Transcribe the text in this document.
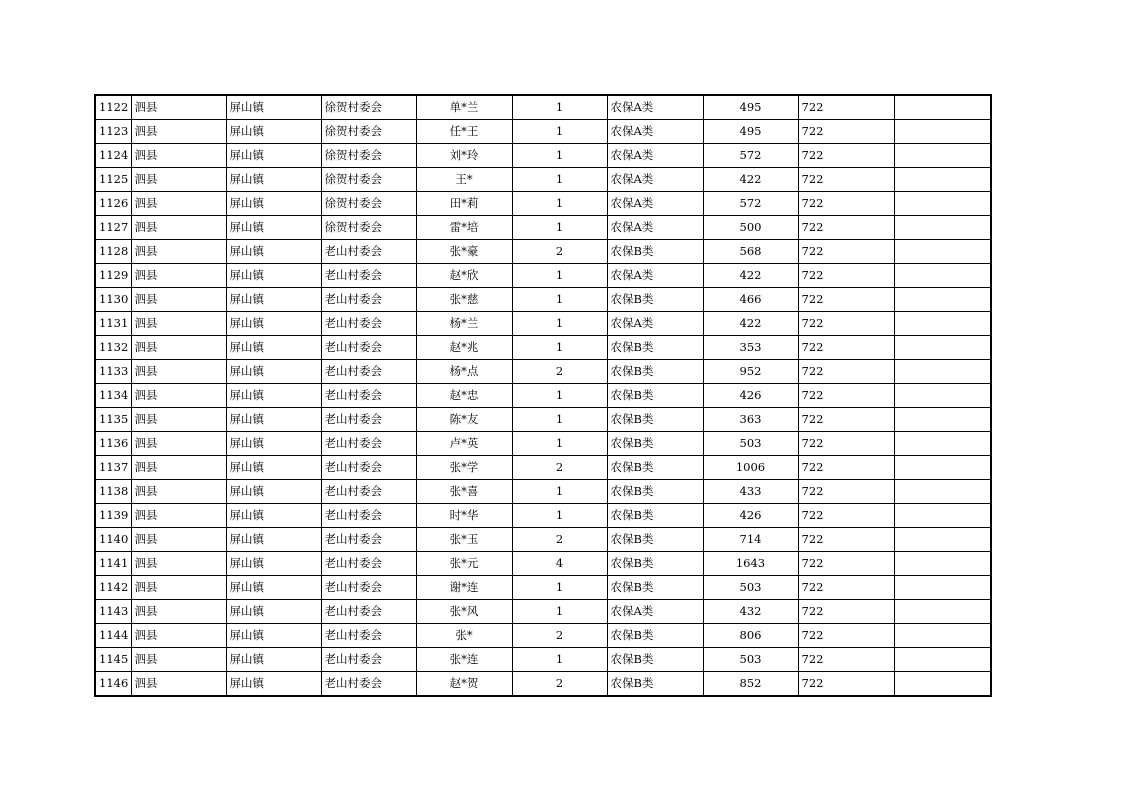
1122	泗县	屏山镇	徐贺村委会	单*兰	1	农保A类	495	722	
1123	泗县	屏山镇	徐贺村委会	任*王	1	农保A类	495	722	
1124	泗县	屏山镇	徐贺村委会	刘*玲	1	农保A类	572	722	
1125	泗县	屏山镇	徐贺村委会	王*	1	农保A类	422	722	
1126	泗县	屏山镇	徐贺村委会	田*莉	1	农保A类	572	722	
1127	泗县	屏山镇	徐贺村委会	雷*培	1	农保A类	500	722	
1128	泗县	屏山镇	老山村委会	张*豪	2	农保B类	568	722	
1129	泗县	屏山镇	老山村委会	赵*欣	1	农保A类	422	722	
1130	泗县	屏山镇	老山村委会	张*慈	1	农保B类	466	722	
1131	泗县	屏山镇	老山村委会	杨*兰	1	农保A类	422	722	
1132	泗县	屏山镇	老山村委会	赵*兆	1	农保B类	353	722	
1133	泗县	屏山镇	老山村委会	杨*点	2	农保B类	952	722	
1134	泗县	屏山镇	老山村委会	赵*忠	1	农保B类	426	722	
1135	泗县	屏山镇	老山村委会	陈*友	1	农保B类	363	722	
1136	泗县	屏山镇	老山村委会	卢*英	1	农保B类	503	722	
1137	泗县	屏山镇	老山村委会	张*学	2	农保B类	1006	722	
1138	泗县	屏山镇	老山村委会	张*喜	1	农保B类	433	722	
1139	泗县	屏山镇	老山村委会	时*华	1	农保B类	426	722	
1140	泗县	屏山镇	老山村委会	张*玉	2	农保B类	714	722	
1141	泗县	屏山镇	老山村委会	张*元	4	农保B类	1643	722	
1142	泗县	屏山镇	老山村委会	谢*连	1	农保B类	503	722	
1143	泗县	屏山镇	老山村委会	张*风	1	农保A类	432	722	
1144	泗县	屏山镇	老山村委会	张*	2	农保B类	806	722	
1145	泗县	屏山镇	老山村委会	张*连	1	农保B类	503	722	
1146	泗县	屏山镇	老山村委会	赵*贺	2	农保B类	852	722	
